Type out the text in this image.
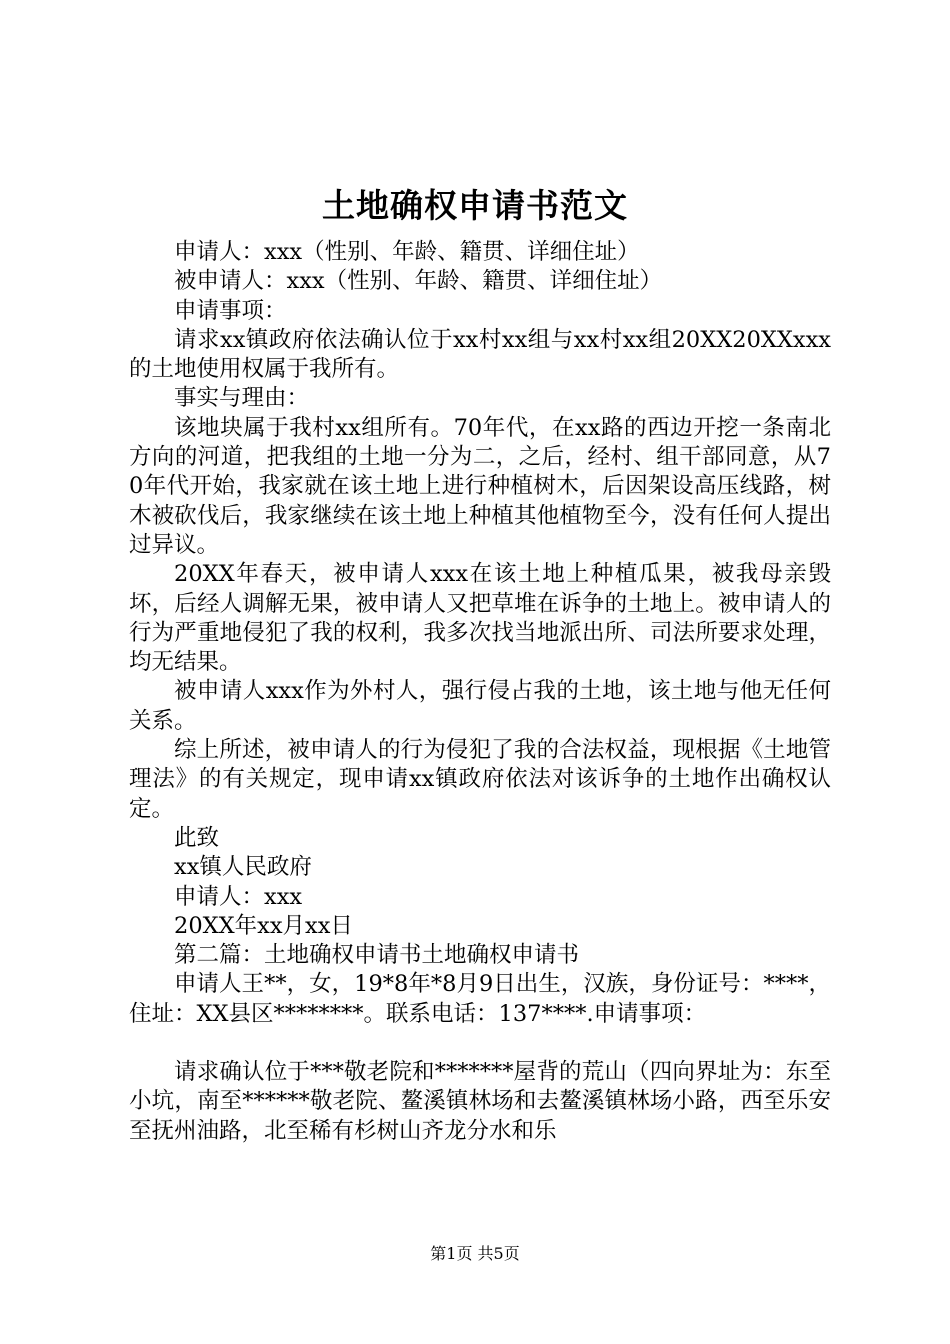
土地确权申请书范文

申请人：xxx（性别、年龄、籍贯、详细住址）

被申请人：xxx（性别、年龄、籍贯、详细住址）

申请事项：

请求xx镇政府依法确认位于xx村xx组与xx村xx组20XX20XXxxx的土地使用权属于我所有。

事实与理由：

该地块属于我村xx组所有。70年代，在xx路的西边开挖一条南北方向的河道，把我组的土地一分为二，之后，经村、组干部同意，从70年代开始，我家就在该土地上进行种植树木，后因架设高压线路，树木被砍伐后，我家继续在该土地上种植其他植物至今，没有任何人提出过异议。

20XX年春天，被申请人xxx在该土地上种植瓜果，被我母亲毁坏，后经人调解无果，被申请人又把草堆在诉争的土地上。被申请人的行为严重地侵犯了我的权利，我多次找当地派出所、司法所要求处理，均无结果。

被申请人xxx作为外村人，强行侵占我的土地，该土地与他无任何关系。

综上所述，被申请人的行为侵犯了我的合法权益，现根据《土地管理法》的有关规定，现申请xx镇政府依法对该诉争的土地作出确权认定。

此致

xx镇人民政府

申请人：xxx

20XX年xx月xx日

第二篇：土地确权申请书土地确权申请书

申请人王**，女，19*8年*8月9日出生，汉族，身份证号：****，住址：XX县区********。联系电话：137****.申请事项：

请求确认位于***敬老院和*******屋背的荒山（四向界址为：东至小坑，南至******敬老院、鳌溪镇林场和去鳌溪镇林场小路，西至乐安至抚州油路，北至稀有杉树山齐龙分水和乐

第1页 共5页
